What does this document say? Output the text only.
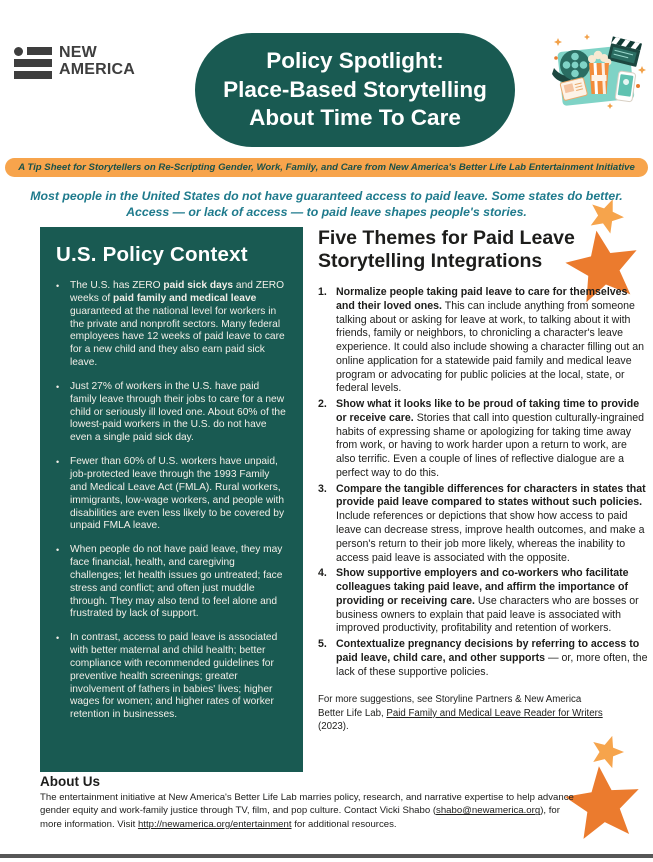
NEW
AMERICA	Policy Spotlight:
Place-Based Storytelling
About Time To Care
A Tip Sheet for Storytellers on Re-Scripting Gender, Work, Family, and Care from New America's Better Life Lab Entertainment Initiative
Most people in the United States do not have guaranteed access to paid leave. Some states do better.
Access — or lack of access — to paid leave shapes people's stories.
U.S. Policy Context
•	The U.S. has ZERO paid sick days and ZERO weeks of paid family and medical leave guaranteed at the national level for workers in the private and nonprofit sectors. Many federal employees have 12 weeks of paid leave to care for a new child and they also earn paid sick leave.
•	Just 27% of workers in the U.S. have paid family leave through their jobs to care for a new child or seriously ill loved one. About 60% of the lowest-paid workers in the U.S. do not have even a single paid sick day.
•	Fewer than 60% of U.S. workers have unpaid, job-protected leave through the 1993 Family and Medical Leave Act (FMLA). Rural workers, immigrants, low-wage workers, and people with disabilities are even less likely to be covered by unpaid FMLA leave.
•	When people do not have paid leave, they may face financial, health, and caregiving challenges; let health issues go untreated; face stress and conflict; and often just muddle through. They may also tend to feel alone and frustrated by lack of support.
•	In contrast, access to paid leave is associated with better maternal and child health; better compliance with recommended guidelines for preventive health screenings; greater involvement of fathers in babies' lives; higher wages for women; and higher rates of worker retention in businesses.
Five Themes for Paid Leave Storytelling Integrations
1. Normalize people taking paid leave to care for themselves and their loved ones. This can include anything from someone talking about or asking for leave at work, to talking about it with friends, family or neighbors, to chronicling a character's leave experience. It could also include showing a character filling out an online application for a statewide paid family and medical leave program or advocating for public policies at the local, state, or federal levels.
2. Show what it looks like to be proud of taking time to provide or receive care. Stories that call into question culturally-ingrained habits of expressing shame or apologizing for taking time away from work, or having to work harder upon a return to work, are also terrific. Even a couple of lines of reflective dialogue are a perfect way to do this.
3. Compare the tangible differences for characters in states that provide paid leave compared to states without such policies. Include references or depictions that show how access to paid leave can decrease stress, improve health outcomes, and make a person's return to their job more likely, whereas the inability to access paid leave is associated with the opposite.
4. Show supportive employers and co-workers who facilitate colleagues taking paid leave, and affirm the importance of providing or receiving care. Use characters who are bosses or business owners to explain that paid leave is associated with improved productivity, profitability and retention of workers.
5. Contextualize pregnancy decisions by referring to access to paid leave, child care, and other supports — or, more often, the lack of these supportive policies.

For more suggestions, see Storyline Partners & New America Better Life Lab, Paid Family and Medical Leave Reader for Writers (2023).

About Us

The entertainment initiative at New America's Better Life Lab marries policy, research, and narrative expertise to help advance gender equity and work-family justice through TV, film, and pop culture. Contact Vicki Shabo (shabo@newamerica.org), for more information. Visit http://newamerica.org/entertainment for additional resources.
